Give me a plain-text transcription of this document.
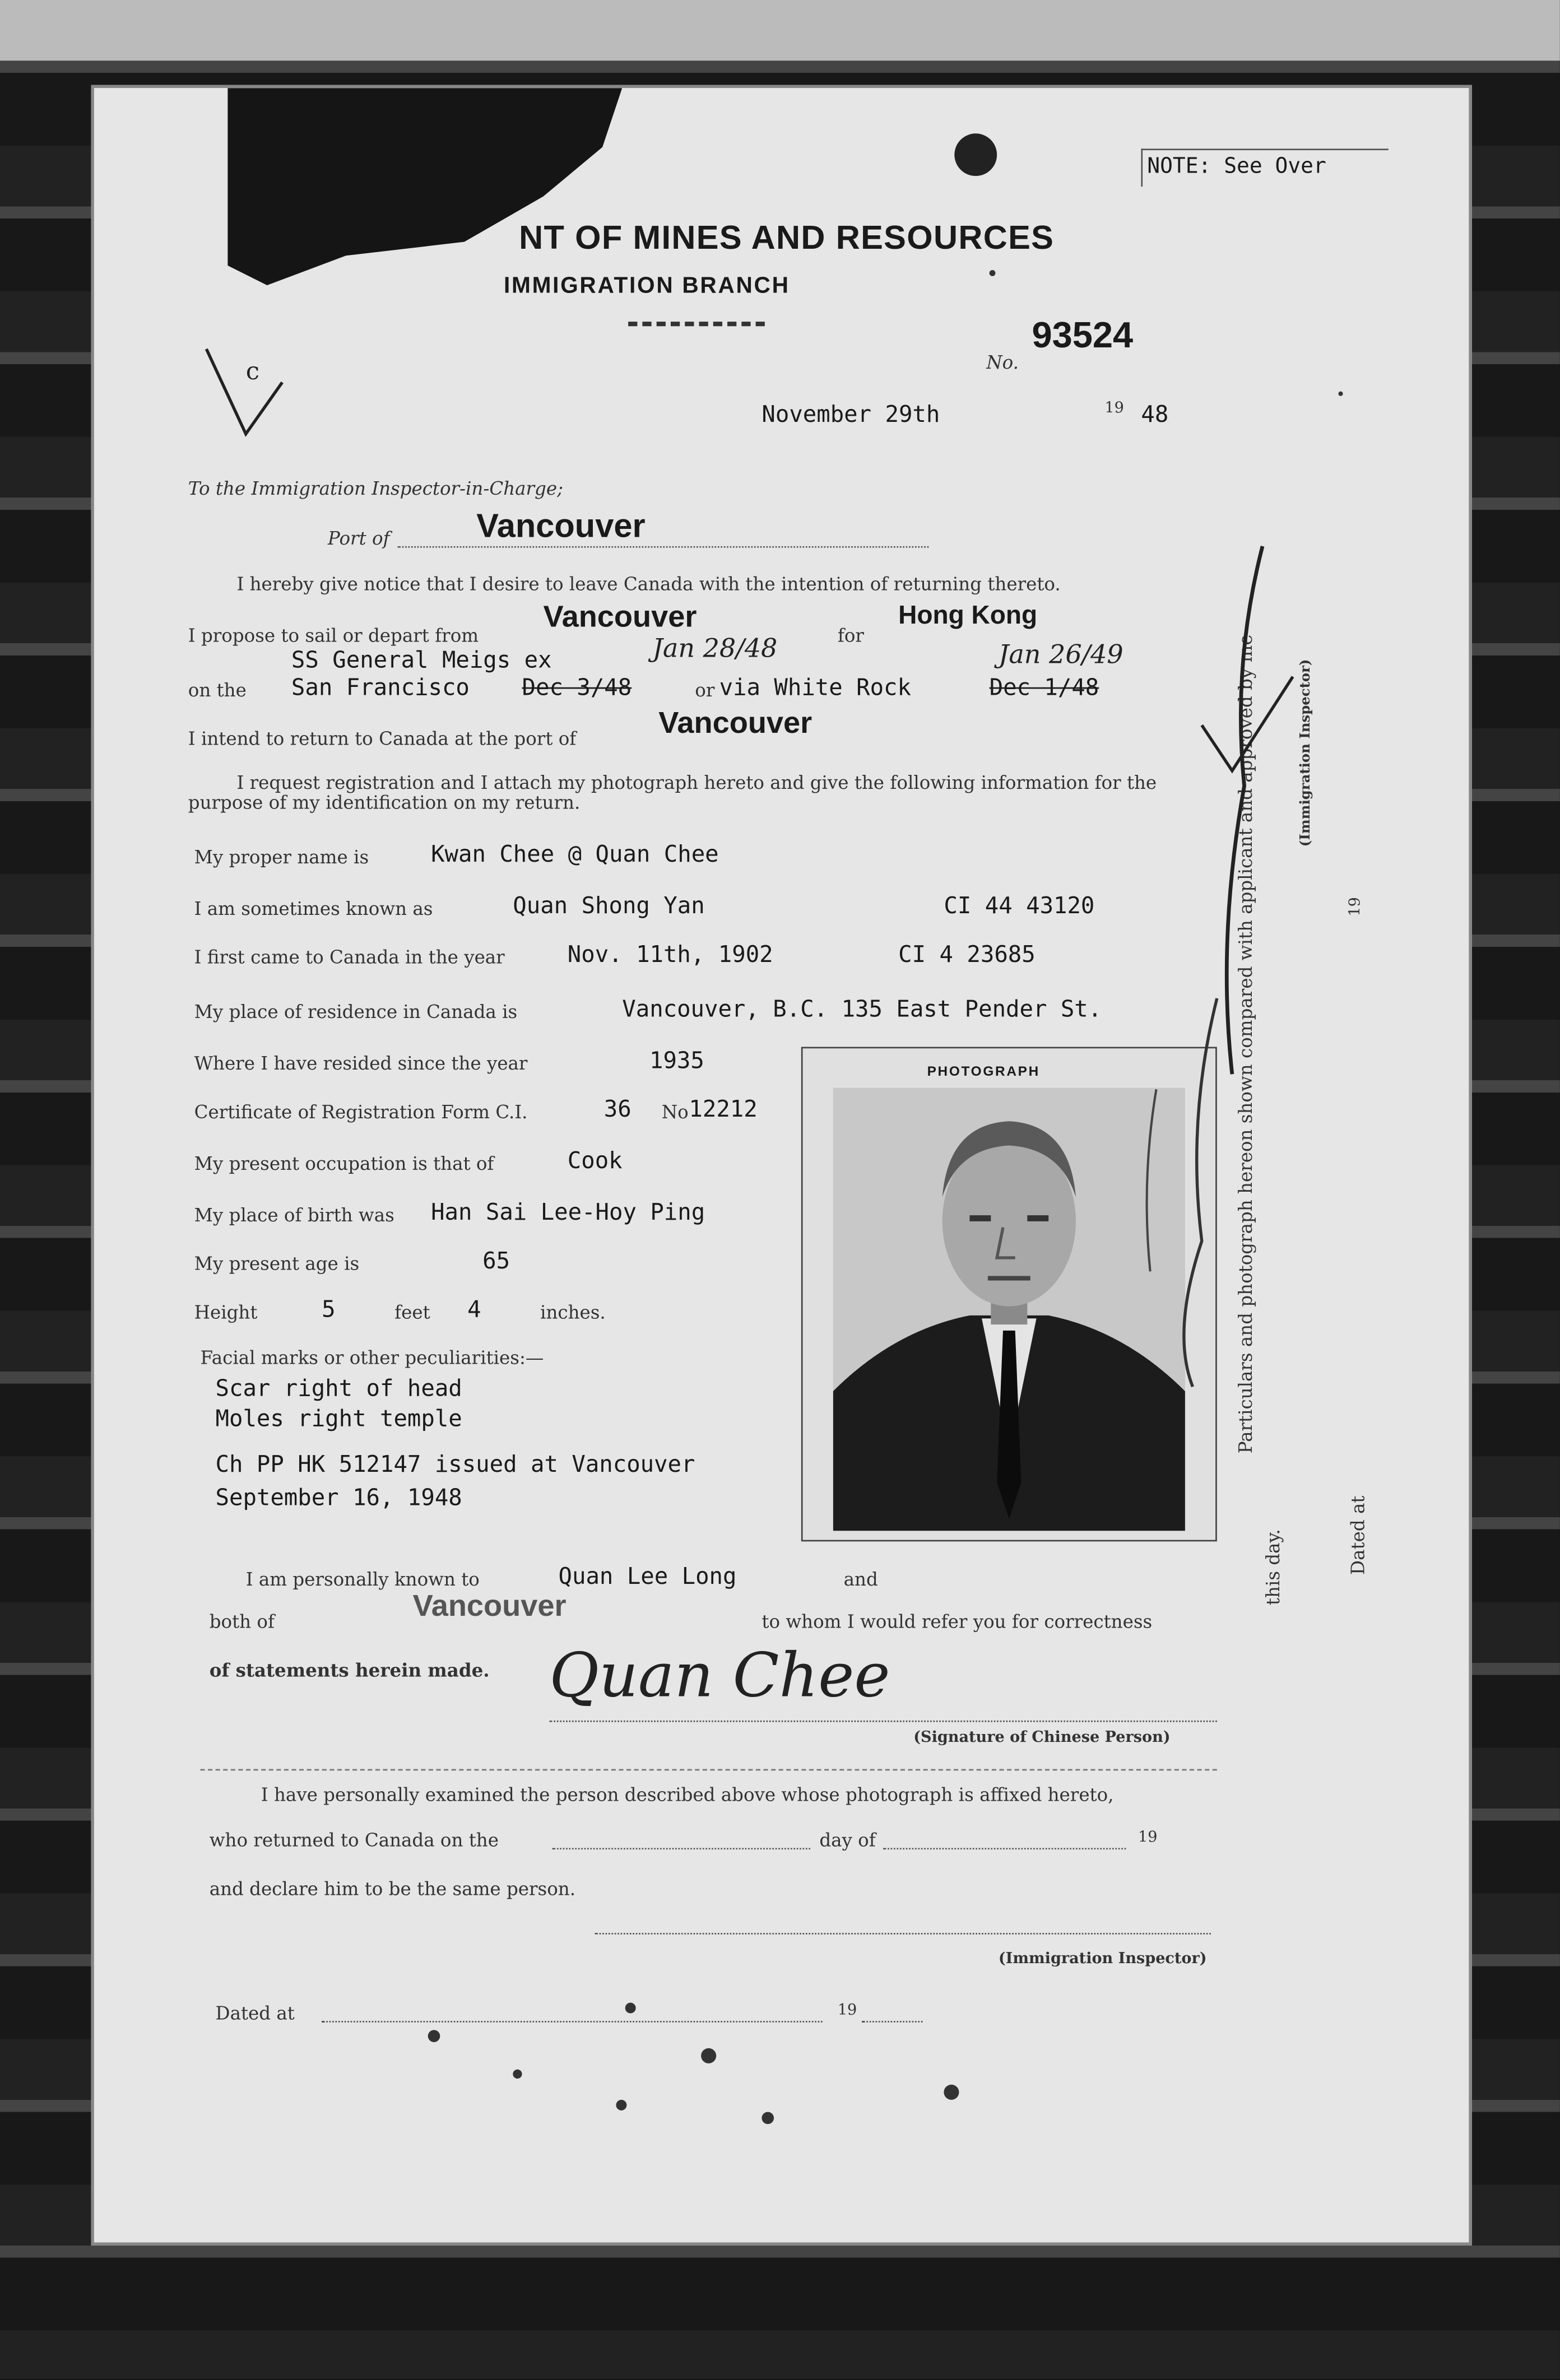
NOTE: See Over
NT OF MINES AND RESOURCES
IMMIGRATION BRANCH
No.
93524
c
November 29th	19 48
To the Immigration Inspector-in-Charge;
Port of	Vancouver
I hereby give notice that I desire to leave Canada with the intention of returning thereto.
I propose to sail or depart from
Vancouver
for
Hong Kong
SS General Meigs ex	Jan 28/48	Jan 26/49
on the	San Francisco	Dec 3/48	or via White Rock	Dec 1/48
I intend to return to Canada at the port of	Vancouver
I request registration and I attach my photograph hereto and give the following information for the purpose of my identification on my return.
My proper name is	Kwan Chee @ Quan Chee
I am sometimes known as	Quan Shong Yan	CI 44 43120
I first came to Canada in the year	Nov. 11th, 1902	CI 4 23685
My place of residence in Canada is	Vancouver, B.C. 135 East Pender St.
Where I have resided since the year	1935
Certificate of Registration Form C.I.	36	No 12212
My present occupation is that of	Cook
My place of birth was	Han Sai Lee-Hoy Ping
My present age is	65
Height	5	feet	4	inches.
Facial marks or other peculiarities:—
Scar right of head
Moles right temple
Ch PP HK 512147 issued at Vancouver
September 16, 1948
PHOTOGRAPH
I am personally known to	Quan Lee Long	and
both of	Vancouver	to whom I would refer you for correctness
of statements herein made.	Quan Chee
(Signature of Chinese Person)
I have personally examined the person described above whose photograph is affixed hereto,
who returned to Canada on the	day of	19
and declare him to be the same person.
(Immigration Inspector)
Dated at	19
Particulars and photograph hereon shown compared with applicant and approved by me
this day.	Dated at
19
(Immigration Inspector)
